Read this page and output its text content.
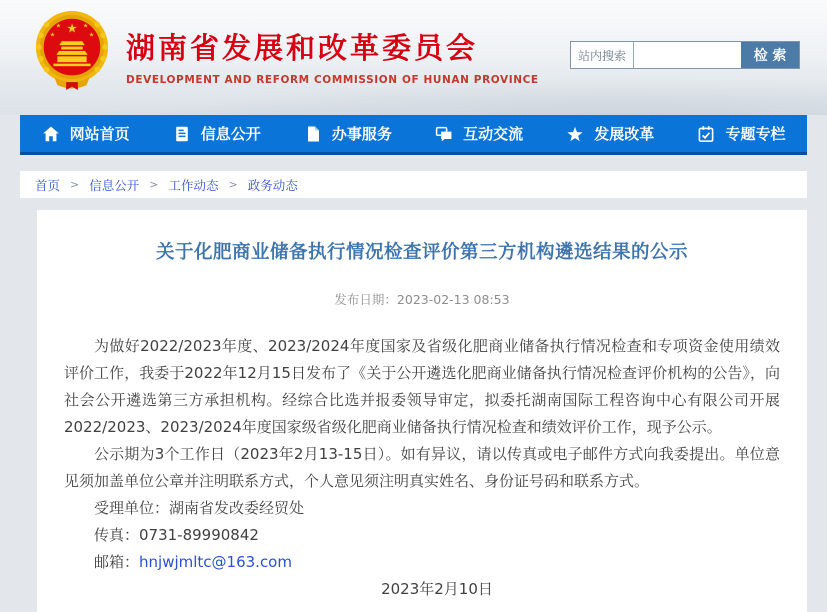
★
★	★
★	★ 湖南省发展和改革委员会
DEVELOPMENT AND REFORM COMMISSION OF HUNAN PROVINCE
站内搜索	检 索
网站首页	信息公开	办事服务	互动交流	发展改革	专题专栏
首页 > 信息公开 > 工作动态 > 政务动态
关于化肥商业储备执行情况检查评价第三方机构遴选结果的公示
发布日期：2023-02-13 08:53

为做好2022/2023年度、2023/2024年度国家及省级化肥商业储备执行情况检查和专项资金使用绩效评价工作，我委于2022年12月15日发布了《关于公开遴选化肥商业储备执行情况检查评价机构的公告》，向社会公开遴选第三方承担机构。经综合比选并报委领导审定，拟委托湖南国际工程咨询中心有限公司开展2022/2023、2023/2024年度国家级省级化肥商业储备执行情况检查和绩效评价工作，现予公示。

公示期为3个工作日（2023年2月13-15日）。如有异议，请以传真或电子邮件方式向我委提出。单位意见须加盖单位公章并注明联系方式，个人意见须注明真实姓名、身份证号码和联系方式。

受理单位：湖南省发改委经贸处

传真：0731-89990842

邮箱：hnjwjmltc@163.com

2023年2月10日
